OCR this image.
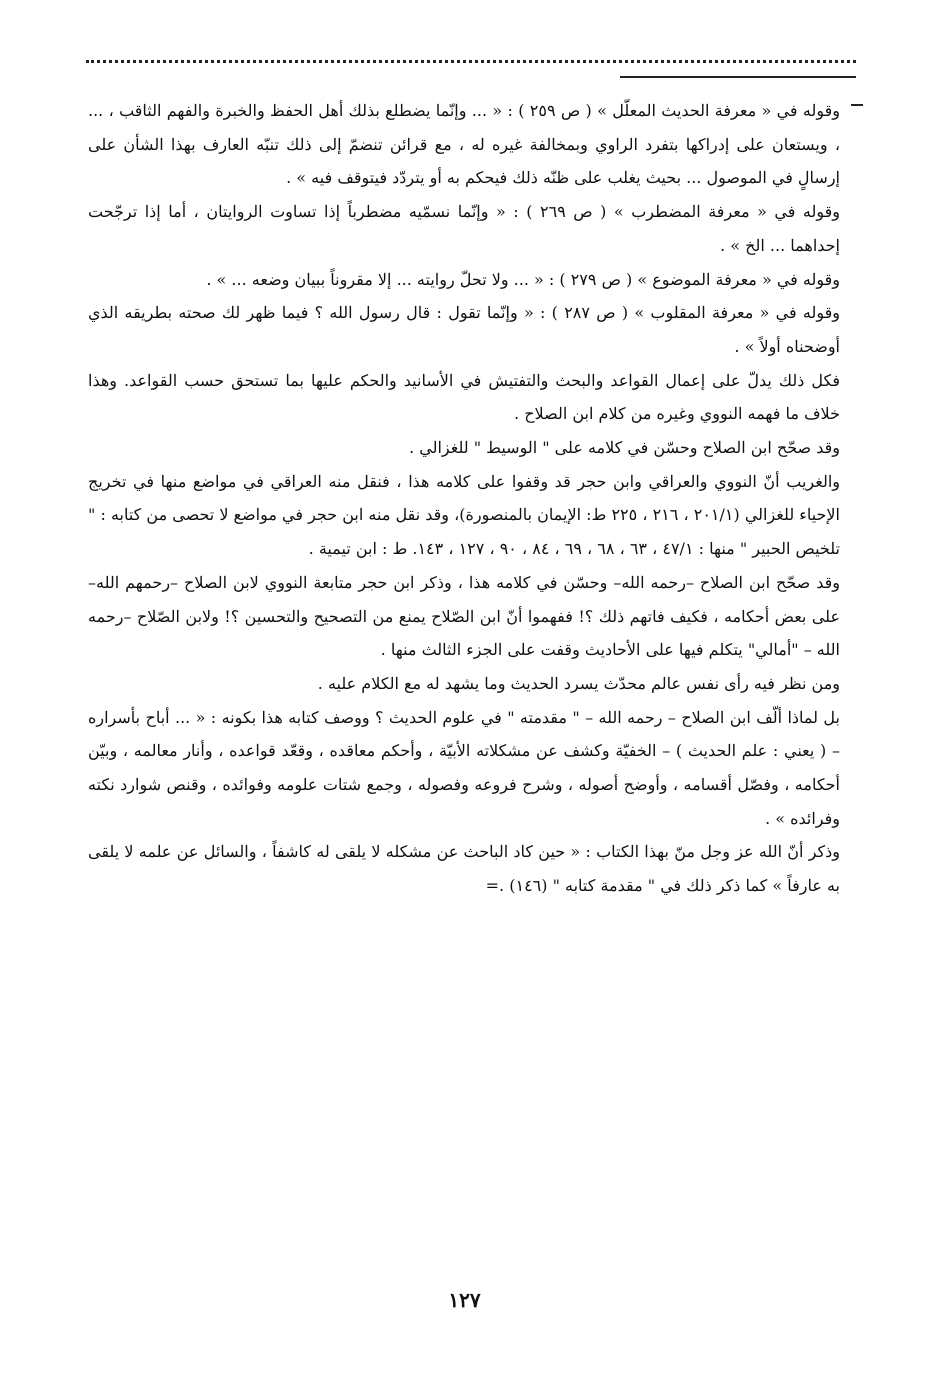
وقوله في « معرفة الحديث المعلّل » ( ص ٢٥٩ ) : « ... وإنّما يضطلع بذلك أهل الحفظ والخبرة والفهم الثاقب ، ... ، ويستعان على إدراكها بتفرد الراوي وبمخالفة غيره له ، مع قرائن تنضمّ إلى ذلك تنبّه العارف بهذا الشأن على إرسالٍ في الموصول ... بحيث يغلب على ظنّه ذلك فيحكم به أو يتردّد فيتوقف فيه » .

وقوله في « معرفة المضطرب » ( ص ٢٦٩ ) : « وإنّما نسمّيه مضطرباً إذا تساوت الروايتان ، أما إذا ترجّحت إحداهما ... الخ » .

وقوله في « معرفة الموضوع » ( ص ٢٧٩ ) : « ... ولا تحلّ روايته ... إلا مقروناً ببيان وضعه ... » .

وقوله في « معرفة المقلوب » ( ص ٢٨٧ ) : « وإنّما تقول : قال رسول الله ؟ فيما ظهر لك صحته بطريقه الذي أوضحناه أولاً » .

فكل ذلك يدلّ على إعمال القواعد والبحث والتفتيش في الأسانيد والحكم عليها بما تستحق حسب القواعد. وهذا خلاف ما فهمه النووي وغيره من كلام ابن الصلاح .

وقد صحّح ابن الصلاح وحسّن في كلامه على " الوسيط " للغزالي .

والغريب أنّ النووي والعراقي وابن حجر قد وقفوا على كلامه هذا ، فنقل منه العراقي في مواضع منها في تخريج الإحياء للغزالي (٢٠١/١ ، ٢١٦ ، ٢٢٥ ط: الإيمان بالمنصورة)، وقد نقل منه ابن حجر في مواضع لا تحصى من كتابه : " تلخيص الحبير " منها : ٤٧/١ ، ٦٣ ، ٦٨ ، ٦٩ ، ٨٤ ، ٩٠ ، ١٢٧ ، ١٤٣. ط : ابن تيمية .

وقد صحّح ابن الصلاح –رحمه الله– وحسّن في كلامه هذا ، وذكر ابن حجر متابعة النووي لابن الصلاح –رحمهم الله– على بعض أحكامه ، فكيف فاتهم ذلك ؟! ففهموا أنّ ابن الصّلاح يمنع من التصحيح والتحسين ؟! ولابن الصّلاح –رحمه الله – "أمالي" يتكلم فيها على الأحاديث وقفت على الجزء الثالث منها .

ومن نظر فيه رأى نفس عالم محدّث يسرد الحديث وما يشهد له مع الكلام عليه .

بل لماذا ألّف ابن الصلاح – رحمه الله – " مقدمته " في علوم الحديث ؟ ووصف كتابه هذا بكونه : « ... أباح بأسراره – ( يعني : علم الحديث ) – الخفيّة وكشف عن مشكلاته الأبيّة ، وأحكم معاقده ، وقعّد قواعده ، وأنار معالمه ، وبيّن أحكامه ، وفصّل أقسامه ، وأوضح أصوله ، وشرح فروعه وفصوله ، وجمع شتات علومه وفوائده ، وقنص شوارد نكته وفرائده » .

وذكر أنّ الله عز وجل منّ بهذا الكتاب : « حين كاد الباحث عن مشكله لا يلقى له كاشفاً ، والسائل عن علمه لا يلقى به عارفاً » كما ذكر ذلك في " مقدمة كتابه " (١٤٦) .=

١٢٧
